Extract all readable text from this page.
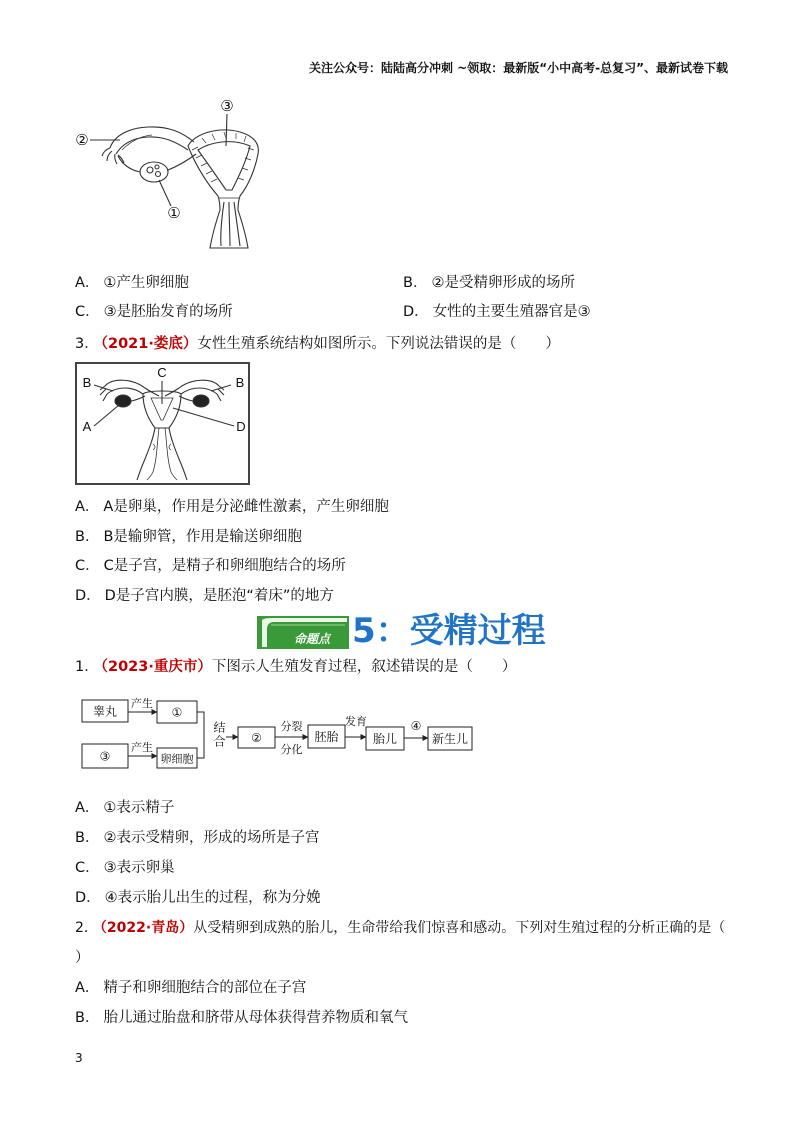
关注公众号：陆陆高分冲刺 ~领取：最新版“小中高考-总复习”、最新试卷下载
②
③
①
A． ①产生卵细胞	B． ②是受精卵形成的场所
C． ③是胚胎发育的场所	D． 女性的主要生殖器官是③
3． （2021·娄底）女性生殖系统结构如图所示。下列说法错误的是（　　）
B
C
B
A	D
A． A是卵巢，作用是分泌雌性激素，产生卵细胞
B． B是输卵管，作用是输送卵细胞
C． C是子宫，是精子和卵细胞结合的场所
D． D是子宫内膜，是胚泡“着床”的地方
命题点 5：受精过程
1． （2023·重庆市）下图示人生殖发育过程，叙述错误的是（　　）
睾丸
产生
①
③
产生
卵细胞
②
分裂
分化
胚胎
发育
胎儿
④
新生儿
结合
A． ①表示精子
B． ②表示受精卵，形成的场所是子宫
C． ③表示卵巢
D． ④表示胎儿出生的过程，称为分娩
2． （2022·青岛）从受精卵到成熟的胎儿，生命带给我们惊喜和感动。下列对生殖过程的分析正确的是（
）
A． 精子和卵细胞结合的部位在子宫
B． 胎儿通过胎盘和脐带从母体获得营养物质和氧气
3
